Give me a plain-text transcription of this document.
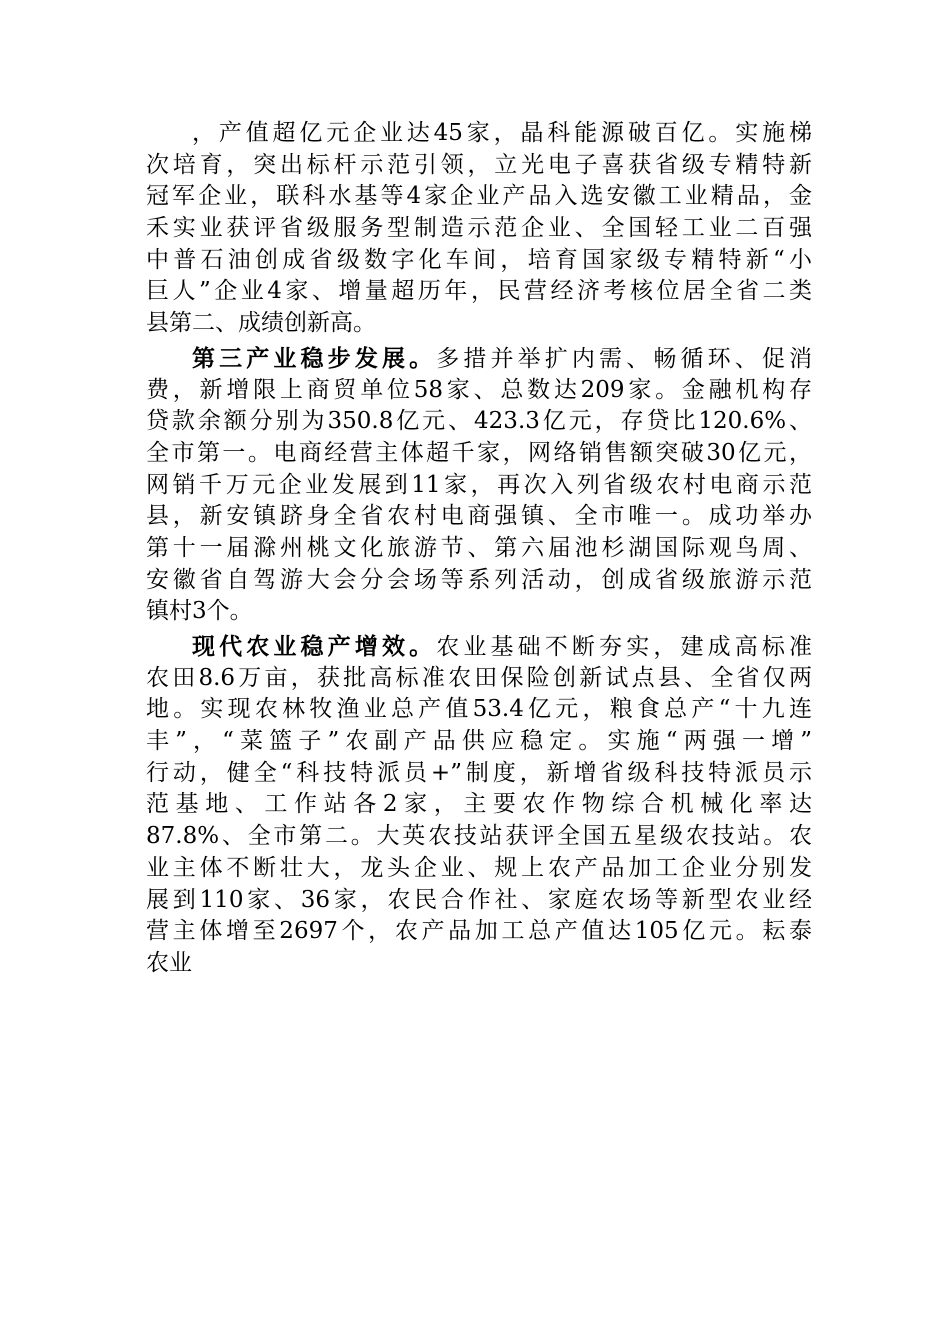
，产值超亿元企业达45家，晶科能源破百亿。实施梯
次培育，突出标杆示范引领，立光电子喜获省级专精特新
冠军企业，联科水基等4家企业产品入选安徽工业精品，金
禾实业获评省级服务型制造示范企业、全国轻工业二百强
中普石油创成省级数字化车间，培育国家级专精特新“小
巨人”企业4家、增量超历年，民营经济考核位居全省二类
县第二、成绩创新高。
第三产业稳步发展。多措并举扩内需、畅循环、促消
费，新增限上商贸单位58家、总数达209家。金融机构存
贷款余额分别为350.8亿元、423.3亿元，存贷比120.6%、
全市第一。电商经营主体超千家，网络销售额突破30亿元，
网销千万元企业发展到11家，再次入列省级农村电商示范
县，新安镇跻身全省农村电商强镇、全市唯一。成功举办
第十一届滁州桃文化旅游节、第六届池杉湖国际观鸟周、
安徽省自驾游大会分会场等系列活动，创成省级旅游示范
镇村3个。
现代农业稳产增效。农业基础不断夯实，建成高标准
农田8.6万亩，获批高标准农田保险创新试点县、全省仅两
地。实现农林牧渔业总产值53.4亿元，粮食总产“十九连
丰”，“菜篮子”农副产品供应稳定。实施“两强一增”
行动，健全“科技特派员+”制度，新增省级科技特派员示
范基地、工作站各2家，主要农作物综合机械化率达
87.8%、全市第二。大英农技站获评全国五星级农技站。农
业主体不断壮大，龙头企业、规上农产品加工企业分别发
展到110家、36家，农民合作社、家庭农场等新型农业经
营主体增至2697个，农产品加工总产值达105亿元。耘泰
农业
